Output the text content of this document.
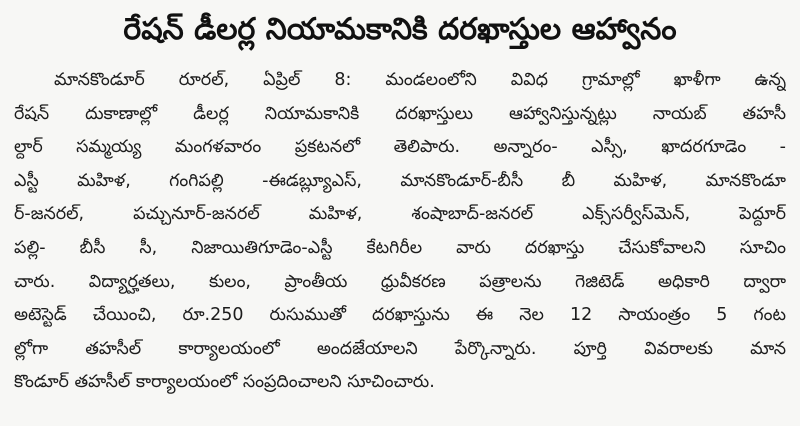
రేషన్ డీలర్ల నియామకానికి దరఖాస్తుల ఆహ్వానం
మానకొండూర్ రూరల్, ఏప్రిల్ 8: మండలంలోని వివిధ గ్రామాల్లో ఖాళీగా ఉన్న
రేషన్ దుకాణాల్లో డీలర్ల నియామకానికి దరఖాస్తులు ఆహ్వానిస్తున్నట్లు నాయబ్ తహసీ
ల్దార్ సమ్మయ్య మంగళవారం ప్రకటనలో తెలిపారు. అన్నారం- ఎస్సీ, ఖాదరగూడెం -
ఎస్టీ మహిళ, గంగిపల్లి -ఈడబ్ల్యూఎస్, మానకొండూర్-బీసీ బీ మహిళ, మానకొండూ
ర్-జనరల్, పచ్చునూర్-జనరల్ మహిళ, శంషాబాద్-జనరల్ ఎక్స్‌సర్వీస్‌మెన్, పెద్దూర్
పల్లి- బీసీ సీ, నిజాయితిగూడెం-ఎస్టీ కేటగిరీల వారు దరఖాస్తు చేసుకోవాలని సూచిం
చారు. విద్యార్హతలు, కులం, ప్రాంతీయ ధ్రువీకరణ పత్రాలను గెజిటెడ్ అధికారి ద్వారా
అటెస్టెడ్ చేయించి, రూ.250 రుసుముతో దరఖాస్తును ఈ నెల 12 సాయంత్రం 5 గంట
ల్లోగా తహసీల్ కార్యాలయంలో అందజేయాలని పేర్కొన్నారు. పూర్తి వివరాలకు మాన
కొండూర్ తహసీల్ కార్యాలయంలో సంప్రదించాలని సూచించారు.
